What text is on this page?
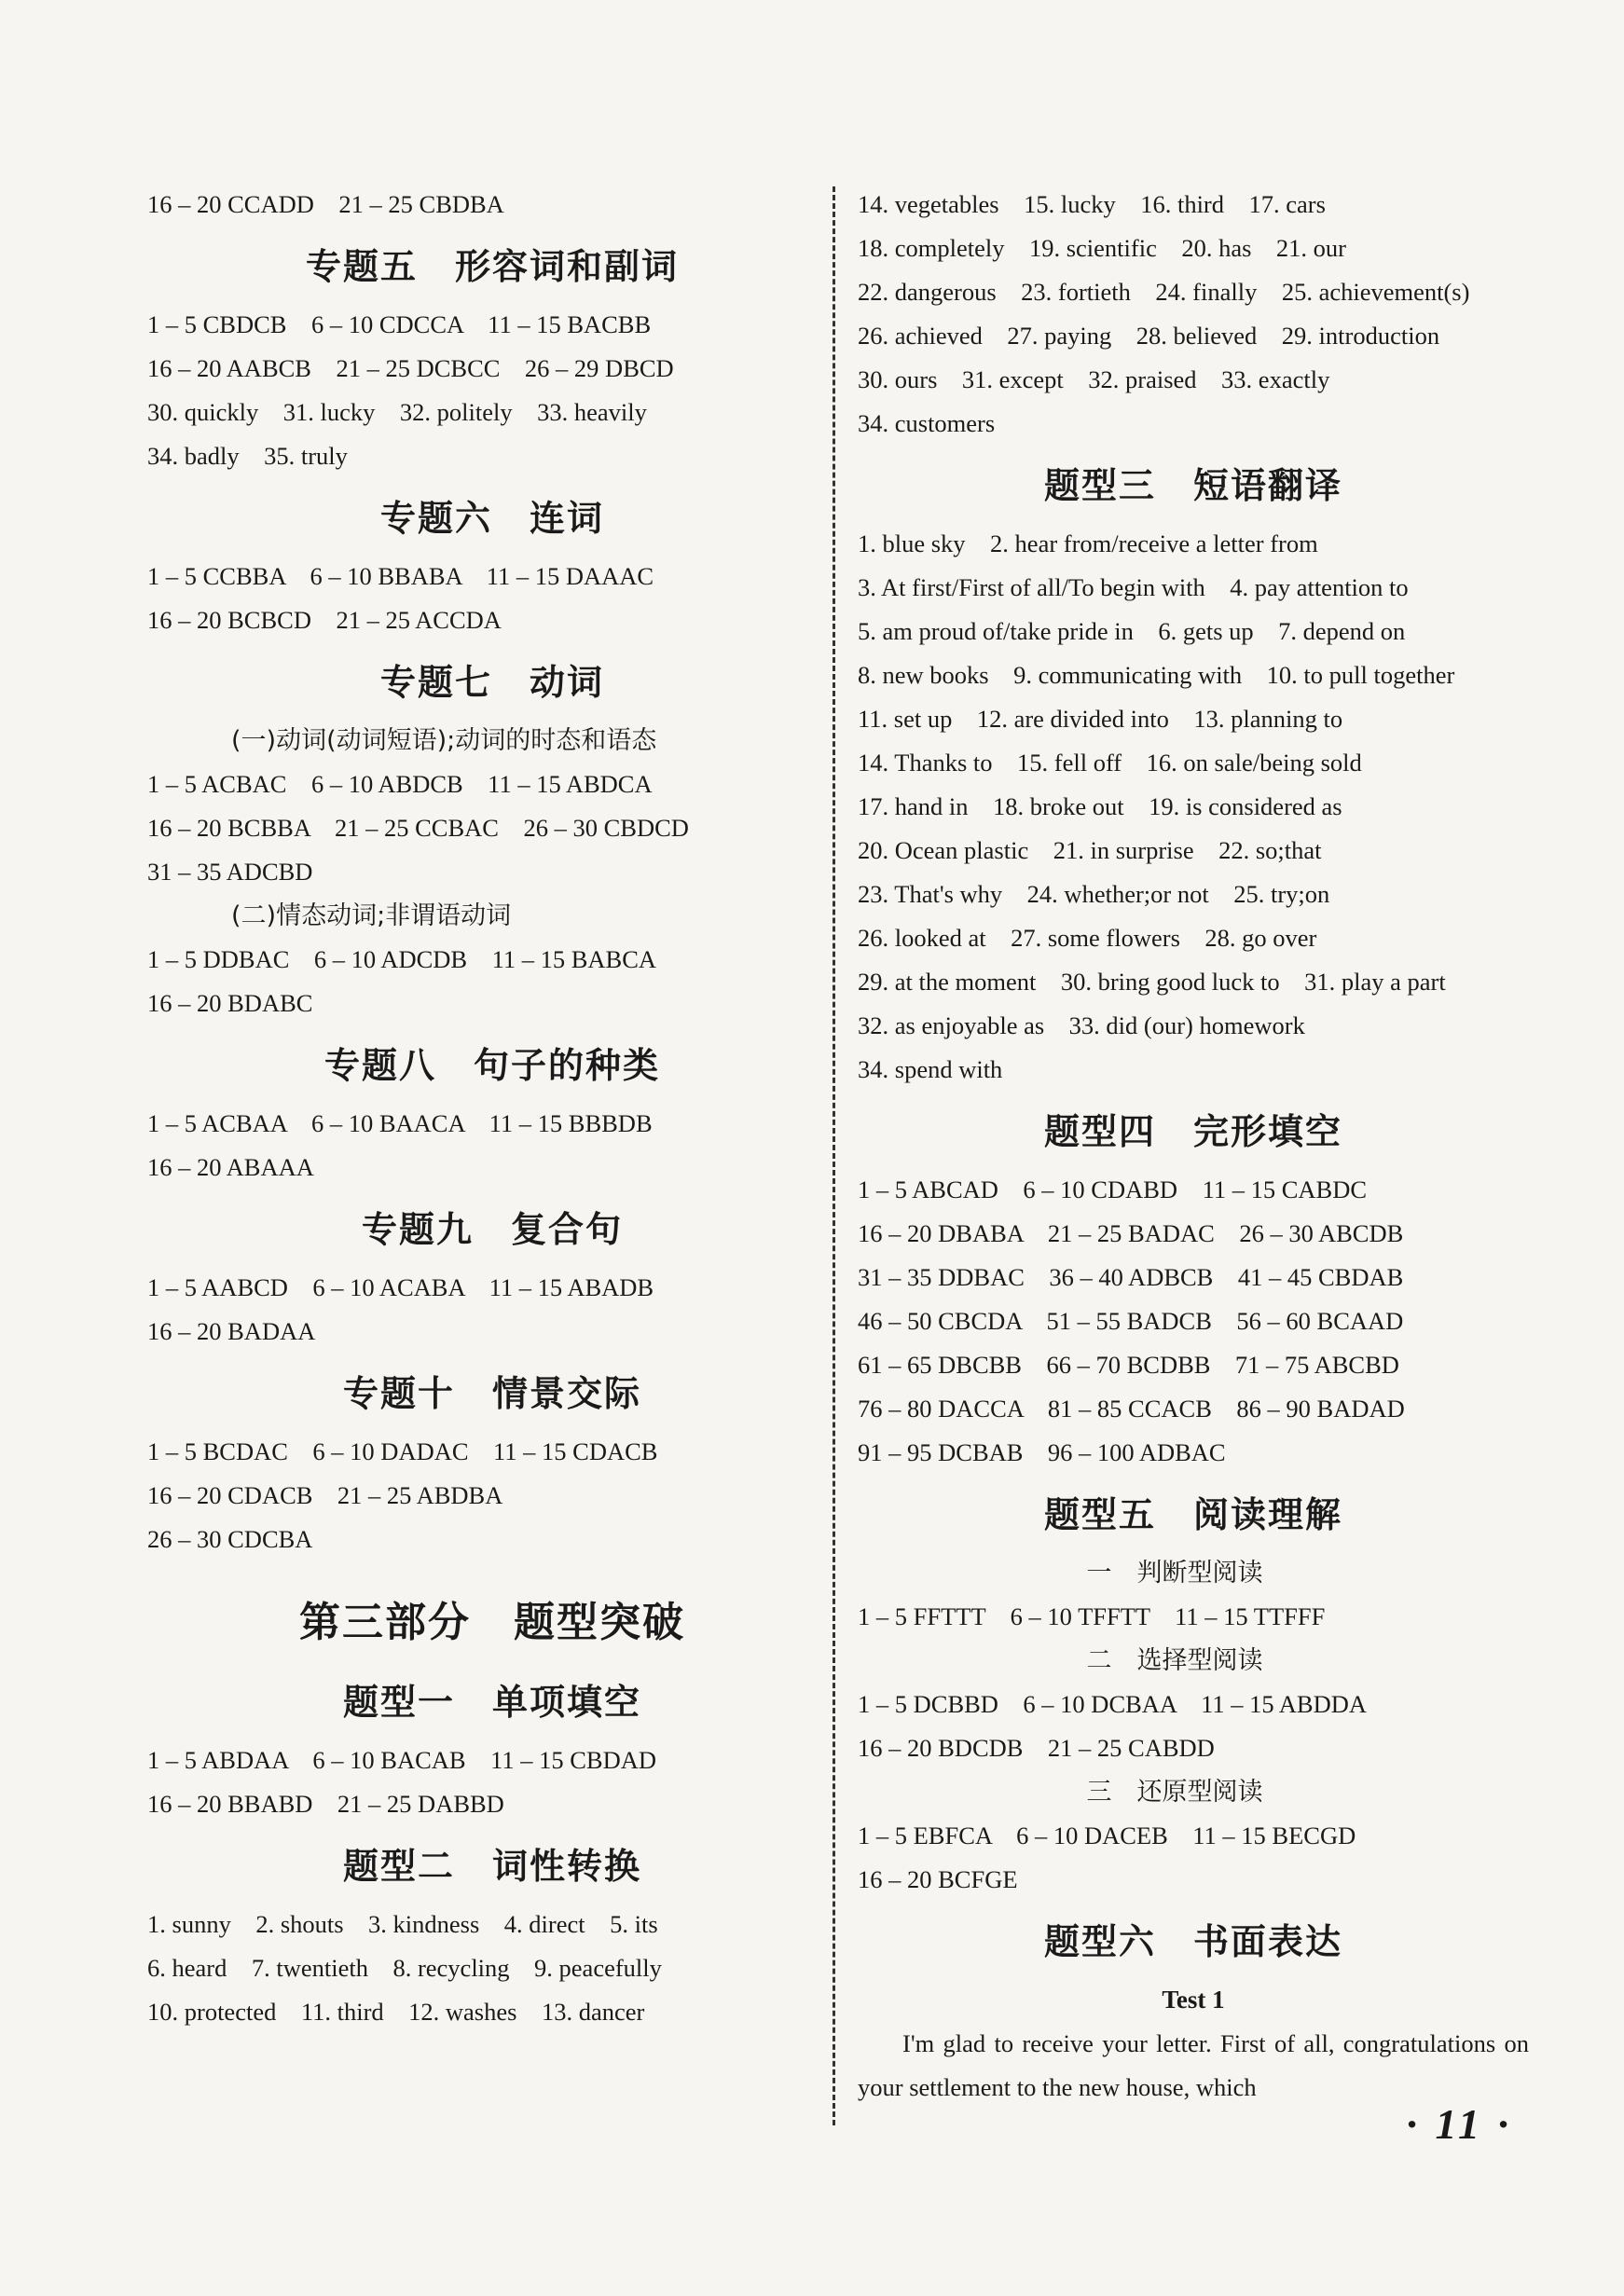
16 – 20 CCADD    21 – 25 CBDBA
专题五　形容词和副词
1 – 5 CBDCB    6 – 10 CDCCA    11 – 15 BACBB
16 – 20 AABCB    21 – 25 DCBCC    26 – 29 DBCD
30. quickly    31. lucky    32. politely    33. heavily
34. badly    35. truly
专题六　连词
1 – 5 CCBBA    6 – 10 BBABA    11 – 15 DAAAC
16 – 20 BCBCD    21 – 25 ACCDA
专题七　动词
(一)动词(动词短语);动词的时态和语态
1 – 5 ACBAC    6 – 10 ABDCB    11 – 15 ABDCA
16 – 20 BCBBA    21 – 25 CCBAC    26 – 30 CBDCD
31 – 35 ADCBD
(二)情态动词;非谓语动词
1 – 5 DDBAC    6 – 10 ADCDB    11 – 15 BABCA
16 – 20 BDABC
专题八　句子的种类
1 – 5 ACBAA    6 – 10 BAACA    11 – 15 BBBDB
16 – 20 ABAAA
专题九　复合句
1 – 5 AABCD    6 – 10 ACABA    11 – 15 ABADB
16 – 20 BADAA
专题十　情景交际
1 – 5 BCDAC    6 – 10 DADAC    11 – 15 CDACB
16 – 20 CDACB    21 – 25 ABDBA
26 – 30 CDCBA
第三部分　题型突破
题型一　单项填空
1 – 5 ABDAA    6 – 10 BACAB    11 – 15 CBDAD
16 – 20 BBABD    21 – 25 DABBD
题型二　词性转换
1. sunny    2. shouts    3. kindness    4. direct    5. its
6. heard    7. twentieth    8. recycling    9. peacefully
10. protected    11. third    12. washes    13. dancer
14. vegetables    15. lucky    16. third    17. cars
18. completely    19. scientific    20. has    21. our
22. dangerous    23. fortieth    24. finally    25. achievement(s)
26. achieved    27. paying    28. believed    29. introduction
30. ours    31. except    32. praised    33. exactly
34. customers
题型三　短语翻译
1. blue sky    2. hear from/receive a letter from
3. At first/First of all/To begin with    4. pay attention to
5. am proud of/take pride in    6. gets up    7. depend on
8. new books    9. communicating with    10. to pull together
11. set up    12. are divided into    13. planning to
14. Thanks to    15. fell off    16. on sale/being sold
17. hand in    18. broke out    19. is considered as
20. Ocean plastic    21. in surprise    22. so;that
23. That's why    24. whether;or not    25. try;on
26. looked at    27. some flowers    28. go over
29. at the moment    30. bring good luck to    31. play a part
32. as enjoyable as    33. did (our) homework
34. spend with
题型四　完形填空
1 – 5 ABCAD    6 – 10 CDABD    11 – 15 CABDC
16 – 20 DBABA    21 – 25 BADAC    26 – 30 ABCDB
31 – 35 DDBAC    36 – 40 ADBCB    41 – 45 CBDAB
46 – 50 CBCDA    51 – 55 BADCB    56 – 60 BCAAD
61 – 65 DBCBB    66 – 70 BCDBB    71 – 75 ABCBD
76 – 80 DACCA    81 – 85 CCACB    86 – 90 BADAD
91 – 95 DCBAB    96 – 100 ADBAC
题型五　阅读理解
一　判断型阅读
1 – 5 FFTTT    6 – 10 TFFTT    11 – 15 TTFFF
二　选择型阅读
1 – 5 DCBBD    6 – 10 DCBAA    11 – 15 ABDDA
16 – 20 BDCDB    21 – 25 CABDD
三　还原型阅读
1 – 5 EBFCA    6 – 10 DACEB    11 – 15 BECGD
16 – 20 BCFGE
题型六　书面表达
Test 1
I'm glad to receive your letter. First of all, congratulations on your settlement to the new house, which
· 11 ·
